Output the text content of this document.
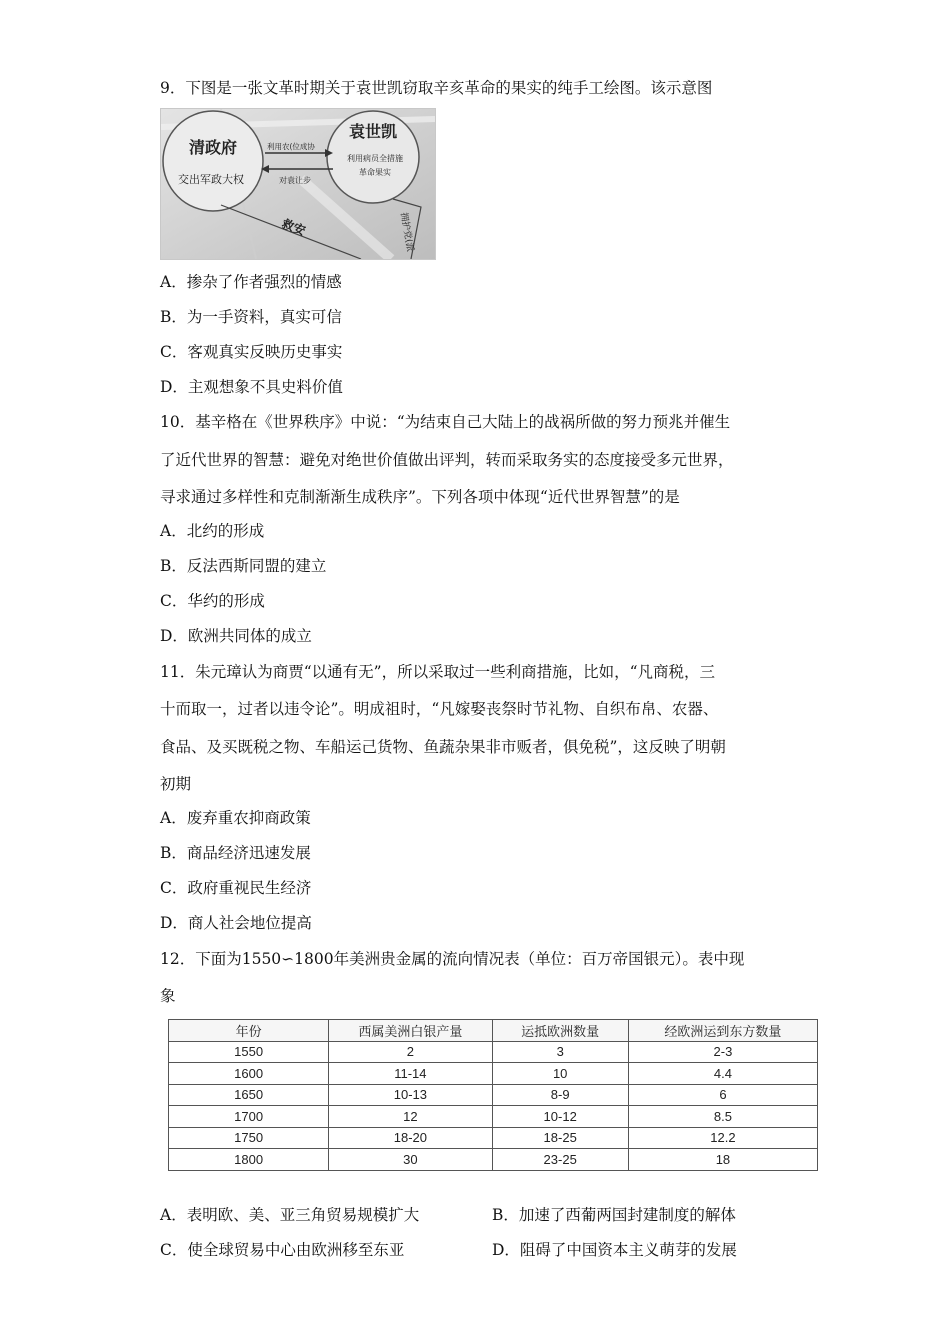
9．下图是一张文革时期关于袁世凯窃取辛亥革命的果实的纯手工绘图。该示意图
清政府
交出军政大权
袁世凯
利用病员全措施
革命果实
利用农(位成协
对袁让步
救安	拥护党(派
A．掺杂了作者强烈的情感
B．为一手资料，真实可信
C．客观真实反映历史事实
D．主观想象不具史料价值
10．基辛格在《世界秩序》中说：“为结束自己大陆上的战祸所做的努力预兆并催生
了近代世界的智慧：避免对绝世价值做出评判，转而采取务实的态度接受多元世界，
寻求通过多样性和克制渐渐生成秩序”。下列各项中体现“近代世界智慧”的是
A．北约的形成
B．反法西斯同盟的建立
C．华约的形成
D．欧洲共同体的成立
11．朱元璋认为商贾“以通有无”，所以采取过一些利商措施，比如，“凡商税，三
十而取一，过者以违令论”。明成祖时，“凡嫁娶丧祭时节礼物、自织布帛、农器、
食品、及买既税之物、车船运己货物、鱼蔬杂果非市贩者，俱免税”，这反映了明朝
初期
A．废弃重农抑商政策
B．商品经济迅速发展
C．政府重视民生经济
D．商人社会地位提高
12．下面为1550∽1800年美洲贵金属的流向情况表（单位：百万帝国银元）。表中现
象
年份	西属美洲白银产量	运抵欧洲数量	经欧洲运到东方数量
1550	2	3	2-3
1600	11-14	10	4.4
1650	10-13	8-9	6
1700	12	10-12	8.5
1750	18-20	18-25	12.2
1800	30	23-25	18
A．表明欧、美、亚三角贸易规模扩大	B．加速了西葡两国封建制度的解体
C．使全球贸易中心由欧洲移至东亚	D．阻碍了中国资本主义萌芽的发展
